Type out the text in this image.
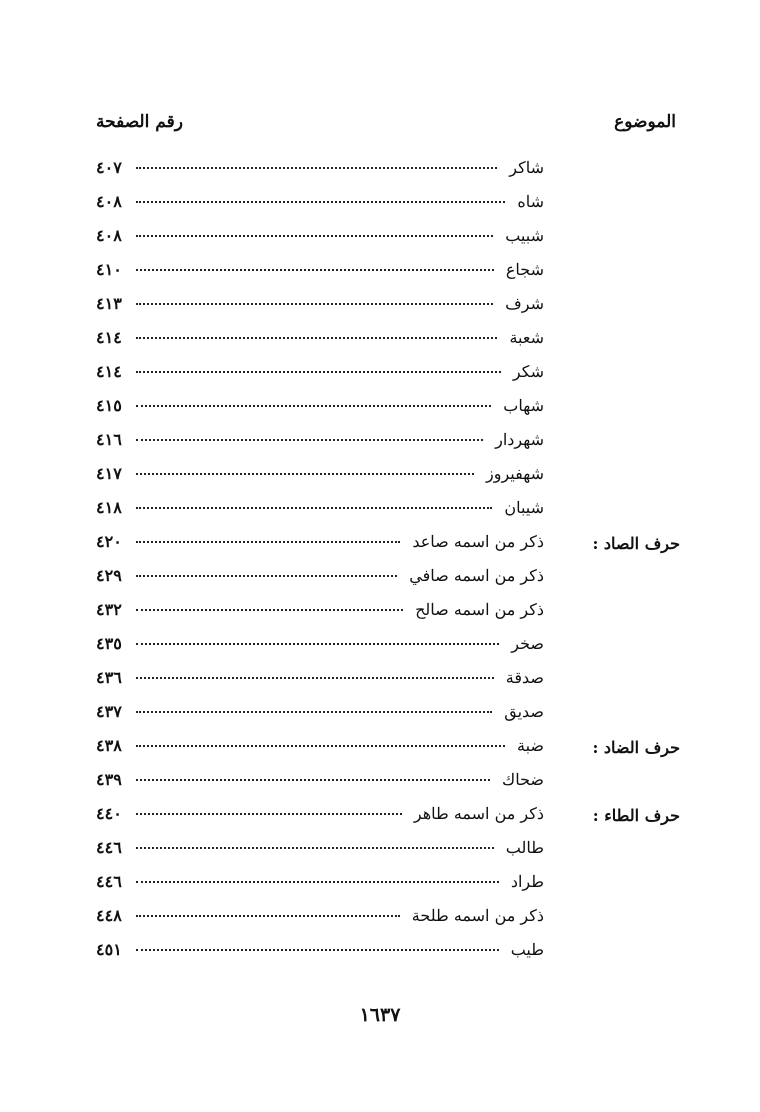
الموضوع
رقم الصفحة
شاكر
٤٠٧
شاه
٤٠٨
شبيب
٤٠٨
شجاع
٤١٠
شرف
٤١٣
شعبة
٤١٤
شكر
٤١٤
شهاب
٤١٥
شهردار
٤١٦
شهفيروز
٤١٧
شيبان
٤١٨
حرف الصاد :
ذكر من اسمه صاعد
٤٢٠
ذكر من اسمه صافي
٤٢٩
ذكر من اسمه صالح
٤٣٢
صخر
٤٣٥
صدقة
٤٣٦
صديق
٤٣٧
حرف الضاد :
ضبة
٤٣٨
ضحاك
٤٣٩
حرف الطاء :
ذكر من اسمه طاهر
٤٤٠
طالب
٤٤٦
طراد
٤٤٦
ذكر من اسمه طلحة
٤٤٨
طيب
٤٥١
١٦٣٧
